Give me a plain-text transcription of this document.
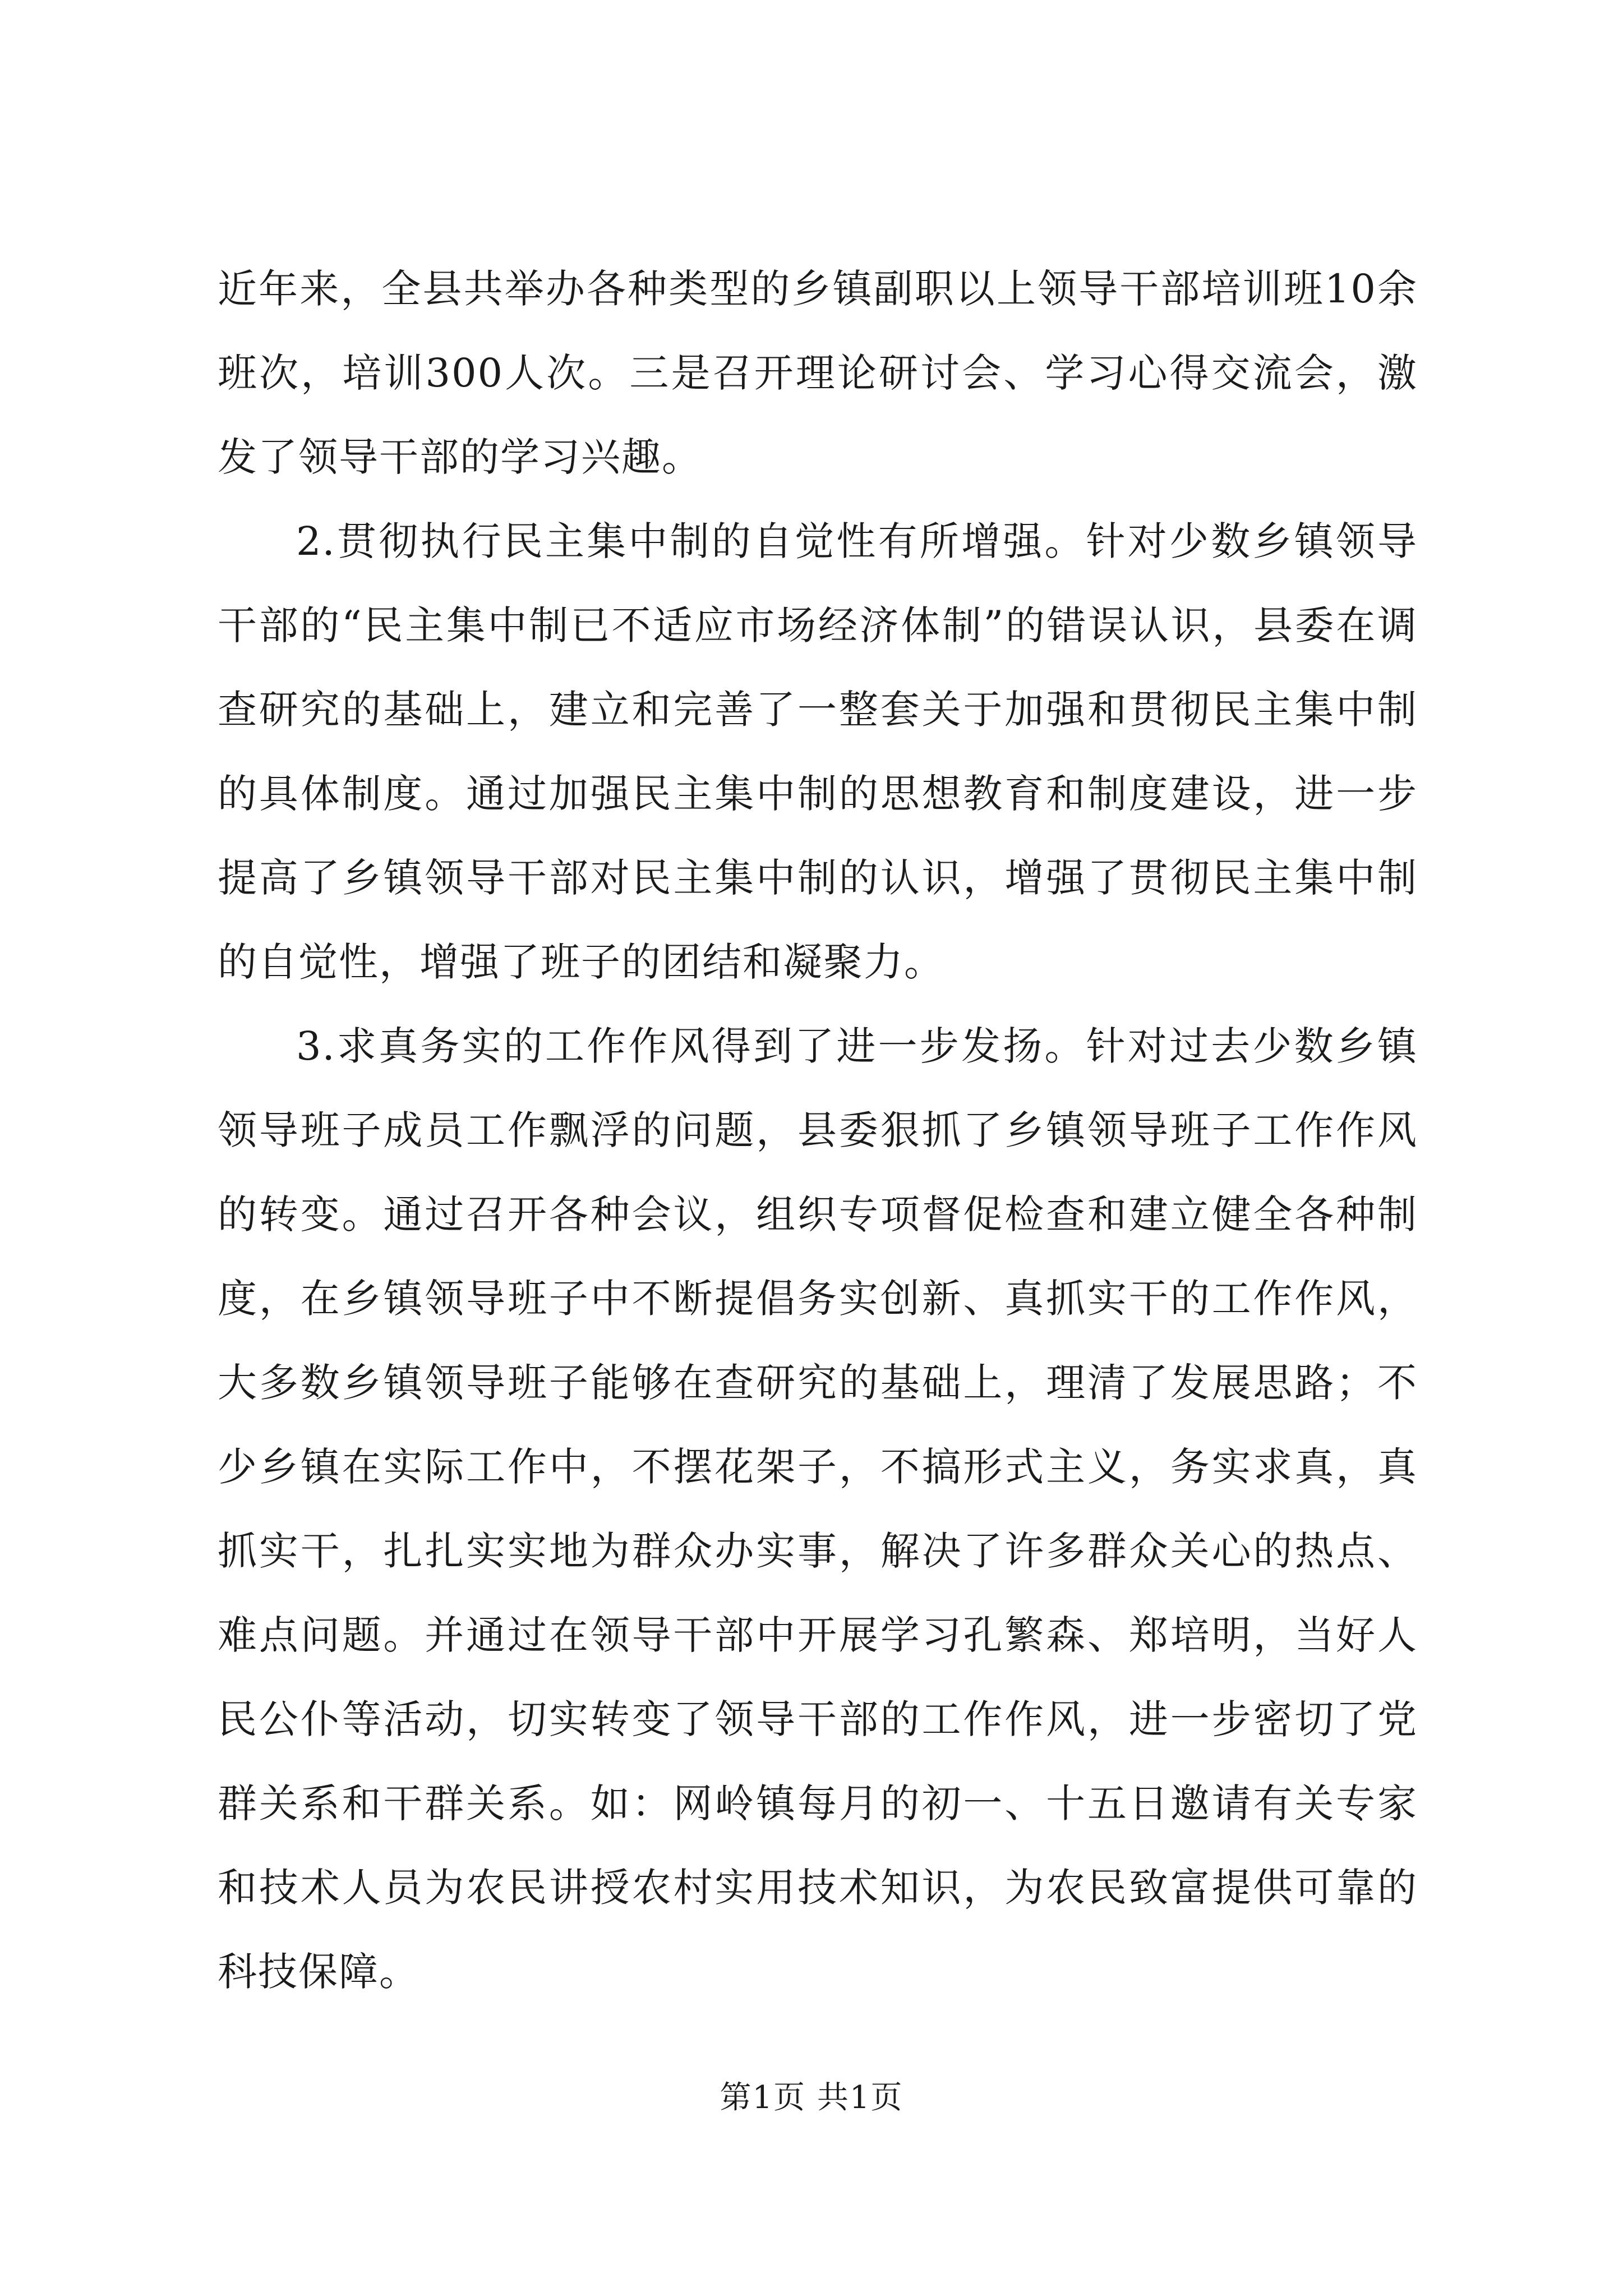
近年来，全县共举办各种类型的乡镇副职以上领导干部培训班10余班次，培训300人次。三是召开理论研讨会、学习心得交流会，激发了领导干部的学习兴趣。

2.贯彻执行民主集中制的自觉性有所增强。针对少数乡镇领导干部的“民主集中制已不适应市场经济体制”的错误认识，县委在调查研究的基础上，建立和完善了一整套关于加强和贯彻民主集中制的具体制度。通过加强民主集中制的思想教育和制度建设，进一步提高了乡镇领导干部对民主集中制的认识，增强了贯彻民主集中制的自觉性，增强了班子的团结和凝聚力。

3.求真务实的工作作风得到了进一步发扬。针对过去少数乡镇领导班子成员工作飘浮的问题，县委狠抓了乡镇领导班子工作作风的转变。通过召开各种会议，组织专项督促检查和建立健全各种制度，在乡镇领导班子中不断提倡务实创新、真抓实干的工作作风，大多数乡镇领导班子能够在查研究的基础上，理清了发展思路；不少乡镇在实际工作中，不摆花架子，不搞形式主义，务实求真，真抓实干，扎扎实实地为群众办实事，解决了许多群众关心的热点、难点问题。并通过在领导干部中开展学习孔繁森、郑培明，当好人民公仆等活动，切实转变了领导干部的工作作风，进一步密切了党群关系和干群关系。如：网岭镇每月的初一、十五日邀请有关专家和技术人员为农民讲授农村实用技术知识，为农民致富提供可靠的科技保障。

第1页 共1页
